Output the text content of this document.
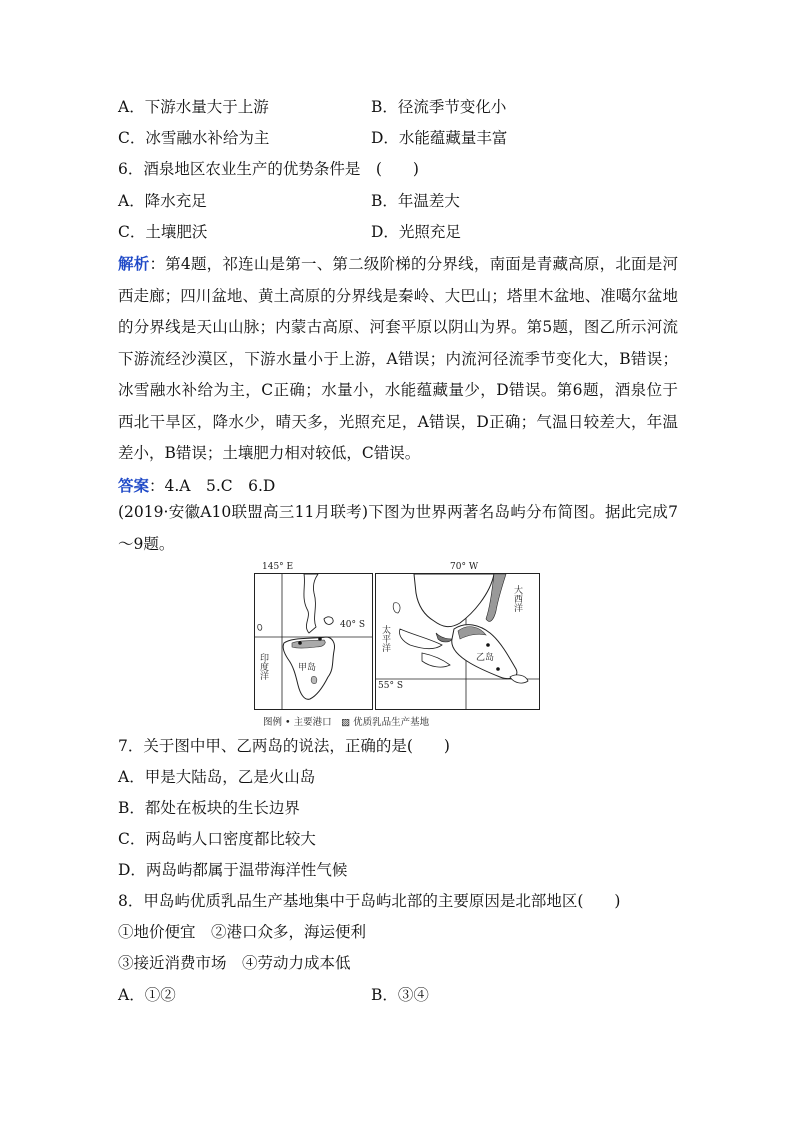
A．下游水量大于上游	B．径流季节变化小
C．冰雪融水补给为主	D．水能蕴藏量丰富
6．酒泉地区农业生产的优势条件是　(　　)
A．降水充足	B．年温差大
C．土壤肥沃	D．光照充足

解析：第4题，祁连山是第一、第二级阶梯的分界线，南面是青藏高原，北面是河西走廊；四川盆地、黄土高原的分界线是秦岭、大巴山；塔里木盆地、准噶尔盆地的分界线是天山山脉；内蒙古高原、河套平原以阴山为界。第5题，图乙所示河流下游流经沙漠区，下游水量小于上游，A错误；内流河径流季节变化大，B错误；冰雪融水补给为主，C正确；水量小，水能蕴藏量少，D错误。第6题，酒泉位于西北干旱区，降水少，晴天多，光照充足，A错误，D正确；气温日较差大，年温差小，B错误；土壤肥力相对较低，C错误。

答案：4.A　5.C　6.D

(2019·安徽A10联盟高三11月联考)下图为世界两著名岛屿分布简图。据此完成7～9题。
145° E
40° S
印度洋	甲岛
70° W
55° S
太平洋
大西洋
乙岛
图例 • 主要港口　▨ 优质乳品生产基地
7．关于图中甲、乙两岛的说法，正确的是(　　)
A．甲是大陆岛，乙是火山岛
B．都处在板块的生长边界
C．两岛屿人口密度都比较大
D．两岛屿都属于温带海洋性气候
8．甲岛屿优质乳品生产基地集中于岛屿北部的主要原因是北部地区(　　)
①地价便宜　②港口众多，海运便利
③接近消费市场　④劳动力成本低
A．①②	B．③④
